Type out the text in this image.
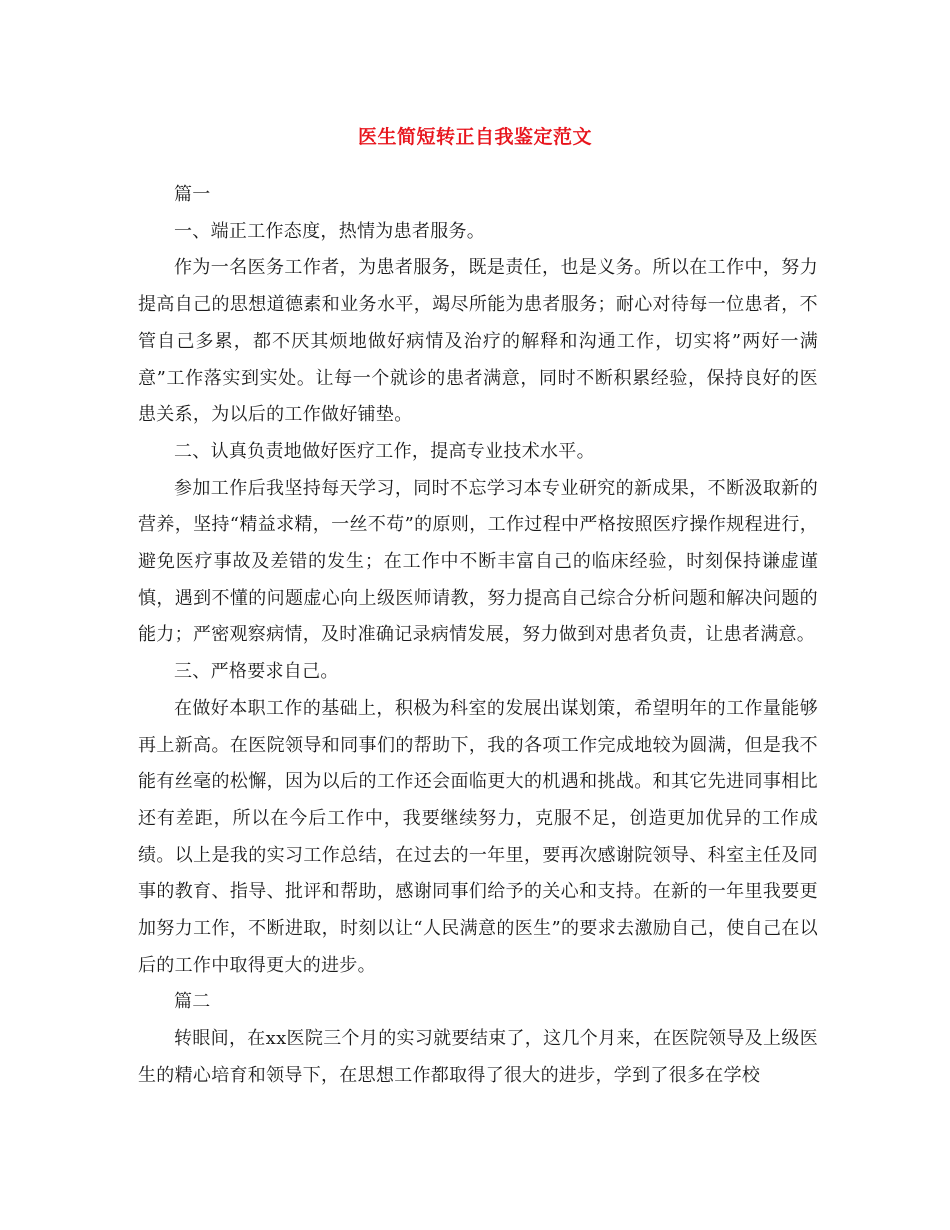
医生简短转正自我鉴定范文

篇一

一、端正工作态度，热情为患者服务。

作为一名医务工作者，为患者服务，既是责任，也是义务。所以在工作中，努力提高自己的思想道德素和业务水平，竭尽所能为患者服务；耐心对待每一位患者，不管自己多累，都不厌其烦地做好病情及治疗的解释和沟通工作，切实将”两好一满意”工作落实到实处。让每一个就诊的患者满意，同时不断积累经验，保持良好的医患关系，为以后的工作做好铺垫。

二、认真负责地做好医疗工作，提高专业技术水平。

参加工作后我坚持每天学习，同时不忘学习本专业研究的新成果，不断汲取新的营养，坚持“精益求精，一丝不苟”的原则，工作过程中严格按照医疗操作规程进行，避免医疗事故及差错的发生；在工作中不断丰富自己的临床经验，时刻保持谦虚谨慎，遇到不懂的问题虚心向上级医师请教，努力提高自己综合分析问题和解决问题的能力；严密观察病情，及时准确记录病情发展，努力做到对患者负责，让患者满意。

三、严格要求自己。

在做好本职工作的基础上，积极为科室的发展出谋划策，希望明年的工作量能够再上新高。在医院领导和同事们的帮助下，我的各项工作完成地较为圆满，但是我不能有丝毫的松懈，因为以后的工作还会面临更大的机遇和挑战。和其它先进同事相比还有差距，所以在今后工作中，我要继续努力，克服不足，创造更加优异的工作成绩。以上是我的实习工作总结，在过去的一年里，要再次感谢院领导、科室主任及同事的教育、指导、批评和帮助，感谢同事们给予的关心和支持。在新的一年里我要更加努力工作，不断进取，时刻以让“人民满意的医生”的要求去激励自己，使自己在以后的工作中取得更大的进步。

篇二

转眼间，在xx医院三个月的实习就要结束了，这几个月来，在医院领导及上级医生的精心培育和领导下，在思想工作都取得了很大的进步，学到了很多在学校
